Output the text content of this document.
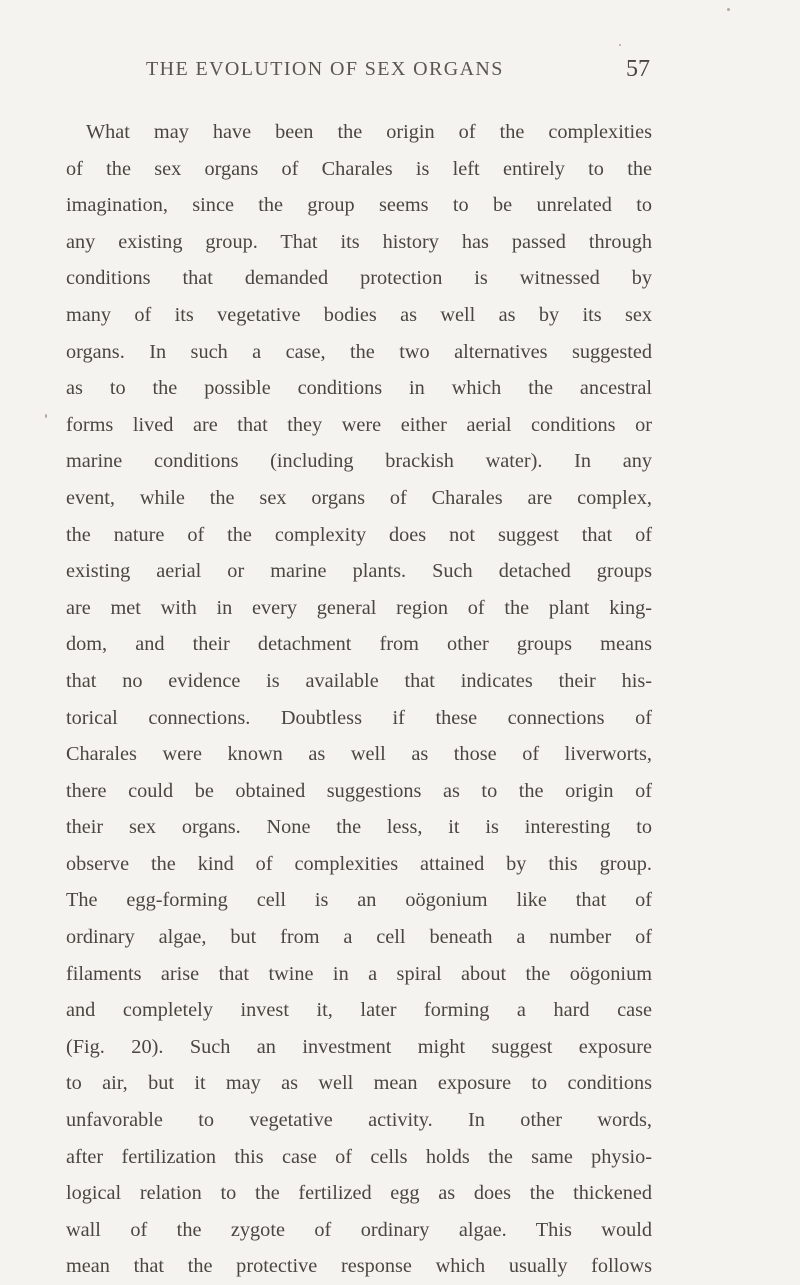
THE EVOLUTION OF SEX ORGANS	57
What may have been the origin of the complexities
of the sex organs of Charales is left entirely to the
imagination, since the group seems to be unrelated to
any existing group. That its history has passed through
conditions that demanded protection is witnessed by
many of its vegetative bodies as well as by its sex
organs. In such a case, the two alternatives suggested
as to the possible conditions in which the ancestral
forms lived are that they were either aerial conditions or
marine conditions (including brackish water). In any
event, while the sex organs of Charales are complex,
the nature of the complexity does not suggest that of
existing aerial or marine plants. Such detached groups
are met with in every general region of the plant king-
dom, and their detachment from other groups means
that no evidence is available that indicates their his-
torical connections. Doubtless if these connections of
Charales were known as well as those of liverworts,
there could be obtained suggestions as to the origin of
their sex organs. None the less, it is interesting to
observe the kind of complexities attained by this group.
The egg-forming cell is an oögonium like that of
ordinary algae, but from a cell beneath a number of
filaments arise that twine in a spiral about the oögonium
and completely invest it, later forming a hard case
(Fig. 20). Such an investment might suggest exposure
to air, but it may as well mean exposure to conditions
unfavorable to vegetative activity. In other words,
after fertilization this case of cells holds the same physio-
logical relation to the fertilized egg as does the thickened
wall of the zygote of ordinary algae. This would
mean that the protective response which usually follows
